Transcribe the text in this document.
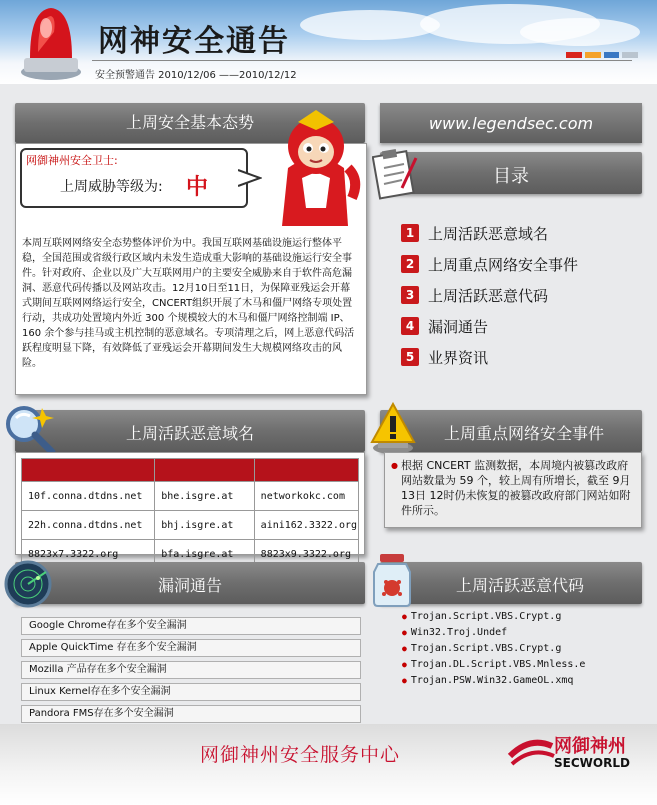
网神安全通告
安全预警通告 2010/12/06 ——2010/12/12
上周安全基本态势
网御神州安全卫士:
上周威胁等级为: 中
本周互联网网络安全态势整体评价为中。我国互联网基础设施运行整体平稳，全国范围或省级行政区域内未发生造成重大影响的基础设施运行安全事件。针对政府、企业以及广大互联网用户的主要安全威胁来自于软件高危漏洞、恶意代码传播以及网站攻击。12月10日至11日，为保障亚残运会开幕式期间互联网网络运行安全，CNCERT组织开展了木马和僵尸网络专项处置行动，共成功处置境内外近 300 个规模较大的木马和僵尸网络控制端 IP、160 余个参与挂马或主机控制的恶意域名。专项清理之后，网上恶意代码活跃程度明显下降，有效降低了亚残运会开幕期间发生大规模网络攻击的风险。
www.legendsec.com
目录
1 上周活跃恶意域名
2 上周重点网络安全事件
3 上周活跃恶意代码
4 漏洞通告
5 业界资讯
上周活跃恶意域名

10f.conna.dtdns.net	bhe.isgre.at	networkokc.com
22h.conna.dtdns.net	bhj.isgre.at	aini162.3322.org
8823x7.3322.org	bfa.isgre.at	8823x9.3322.org
上周重点网络安全事件
● 根据 CNCERT 监测数据，本周境内被篡改政府网站数量为 59 个，较上周有所增长，截至 9月 13日 12时仍未恢复的被篡改政府部门网站如附件所示。
漏洞通告
Google Chrome存在多个安全漏洞
Apple QuickTime 存在多个安全漏洞
Mozilla 产品存在多个安全漏洞
Linux Kernel存在多个安全漏洞
Pandora FMS存在多个安全漏洞
上周活跃恶意代码
● Trojan.Script.VBS.Crypt.g
● Win32.Troj.Undef
● Trojan.Script.VBS.Crypt.g
● Trojan.DL.Script.VBS.Mnless.e
● Trojan.PSW.Win32.GameOL.xmq
网御神州安全服务中心	网御神州
SECWORLD
